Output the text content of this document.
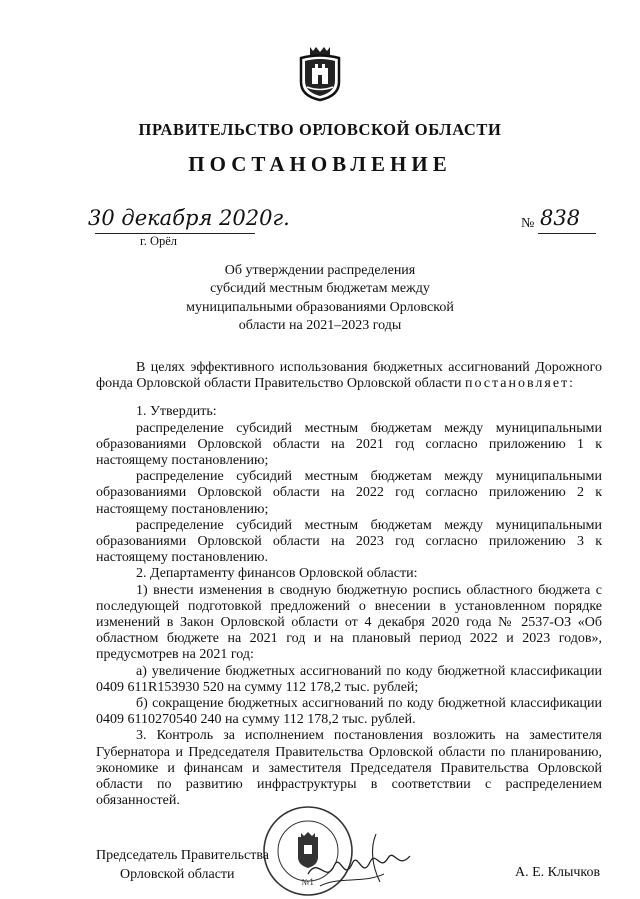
ПРАВИТЕЛЬСТВО ОРЛОВСКОЙ ОБЛАСТИ
ПОСТАНОВЛЕНИЕ
30 декабря 2020г.
г. Орёл
№ 838
Об утверждении распределения
субсидий местным бюджетам между
муниципальными образованиями Орловской
области на 2021–2023 годы

В целях эффективного использования бюджетных ассигнований Дорожного фонда Орловской области Правительство Орловской области постановляет:

1. Утвердить:

распределение субсидий местным бюджетам между муниципальными образованиями Орловской области на 2021 год согласно приложению 1 к настоящему постановлению;

распределение субсидий местным бюджетам между муниципальными образованиями Орловской области на 2022 год согласно приложению 2 к настоящему постановлению;

распределение субсидий местным бюджетам между муниципальными образованиями Орловской области на 2023 год согласно приложению 3 к настоящему постановлению.

2. Департаменту финансов Орловской области:

1) внести изменения в сводную бюджетную роспись областного бюджета с последующей подготовкой предложений о внесении в установленном порядке изменений в Закон Орловской области от 4 декабря 2020 года № 2537-ОЗ «Об областном бюджете на 2021 год и на плановый период 2022 и 2023 годов», предусмотрев на 2021 год:

а) увеличение бюджетных ассигнований по коду бюджетной классификации 0409 611R153930 520 на сумму 112 178,2 тыс. рублей;

б) сокращение бюджетных ассигнований по коду бюджетной классификации 0409 6110270540 240 на сумму 112 178,2 тыс. рублей.

3. Контроль за исполнением постановления возложить на заместителя Губернатора и Председателя Правительства Орловской области по планированию, экономике и финансам и заместителя Председателя Правительства Орловской области по развитию инфраструктуры в соответствии с распределением обязанностей.

№1
Председатель Правительства
Орловской области	А. Е. Клычков
